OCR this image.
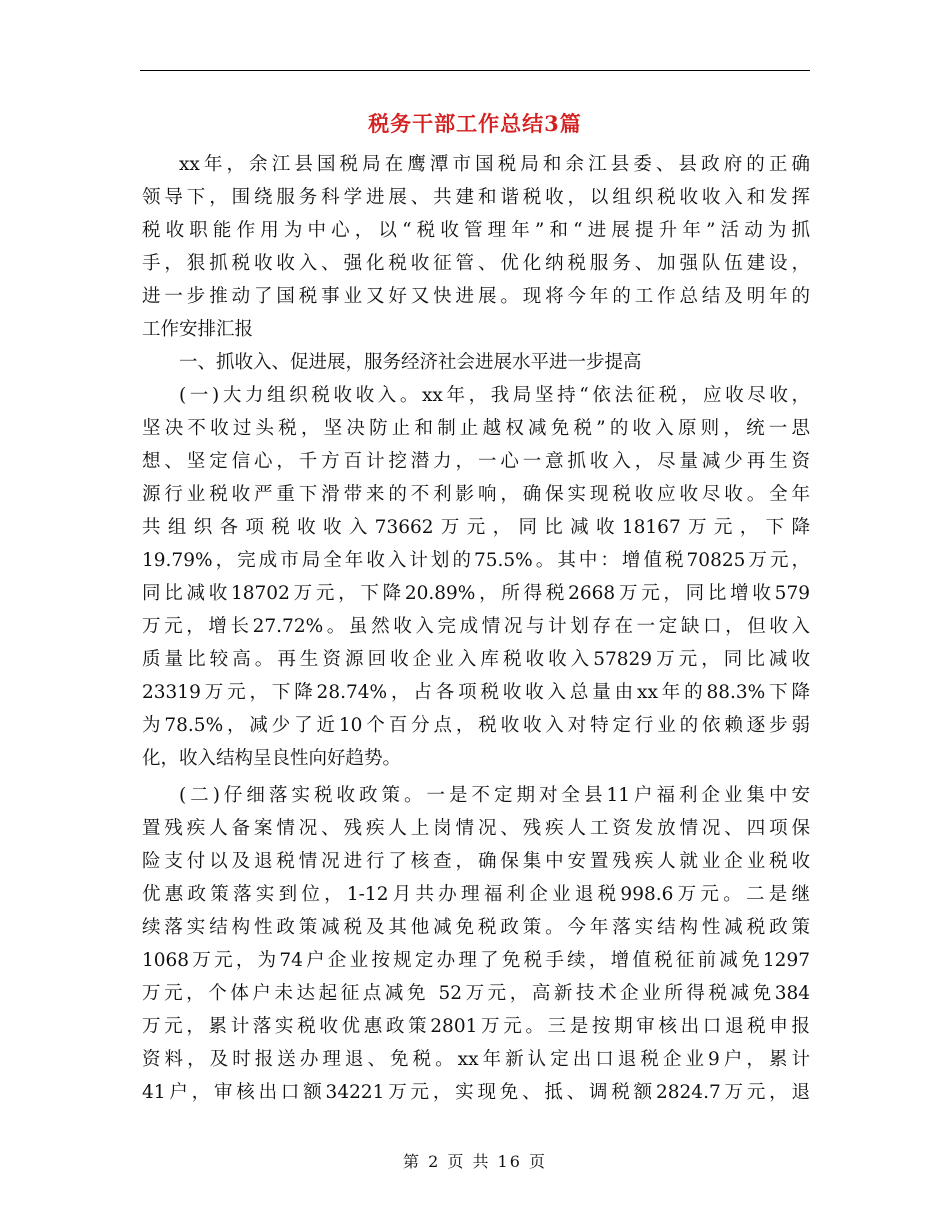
税务干部工作总结3篇
xx年，余江县国税局在鹰潭市国税局和余江县委、县政府的正确
领导下，围绕服务科学进展、共建和谐税收，以组织税收收入和发挥
税收职能作用为中心，以“税收管理年”和“进展提升年”活动为抓
手，狠抓税收收入、强化税收征管、优化纳税服务、加强队伍建设，
进一步推动了国税事业又好又快进展。现将今年的工作总结及明年的
工作安排汇报
一、抓收入、促进展，服务经济社会进展水平进一步提高
(一)大力组织税收收入。xx年，我局坚持“依法征税，应收尽收，
坚决不收过头税，坚决防止和制止越权减免税”的收入原则，统一思
想、坚定信心，千方百计挖潜力，一心一意抓收入，尽量减少再生资
源行业税收严重下滑带来的不利影响，确保实现税收应收尽收。全年
共组织各项税收收入73662万元，同比减收18167万元，下降
19.79%，完成市局全年收入计划的75.5%。其中：增值税70825万元，
同比减收18702万元，下降20.89%，所得税2668万元，同比增收579
万元，增长27.72%。虽然收入完成情况与计划存在一定缺口，但收入
质量比较高。再生资源回收企业入库税收收入57829万元，同比减收
23319万元，下降28.74%，占各项税收收入总量由xx年的88.3%下降
为78.5%，减少了近10个百分点，税收收入对特定行业的依赖逐步弱
化，收入结构呈良性向好趋势。
(二)仔细落实税收政策。一是不定期对全县11户福利企业集中安
置残疾人备案情况、残疾人上岗情况、残疾人工资发放情况、四项保
险支付以及退税情况进行了核查，确保集中安置残疾人就业企业税收
优惠政策落实到位，1-12月共办理福利企业退税998.6万元。二是继
续落实结构性政策减税及其他减免税政策。今年落实结构性减税政策
1068万元，为74户企业按规定办理了免税手续，增值税征前减免1297
万元，个体户未达起征点减免 52万元，高新技术企业所得税减免384
万元，累计落实税收优惠政策2801万元。三是按期审核出口退税申报
资料，及时报送办理退、免税。xx年新认定出口退税企业9户，累计
41户，审核出口额34221万元，实现免、抵、调税额2824.7万元，退
第 2 页 共 16 页
